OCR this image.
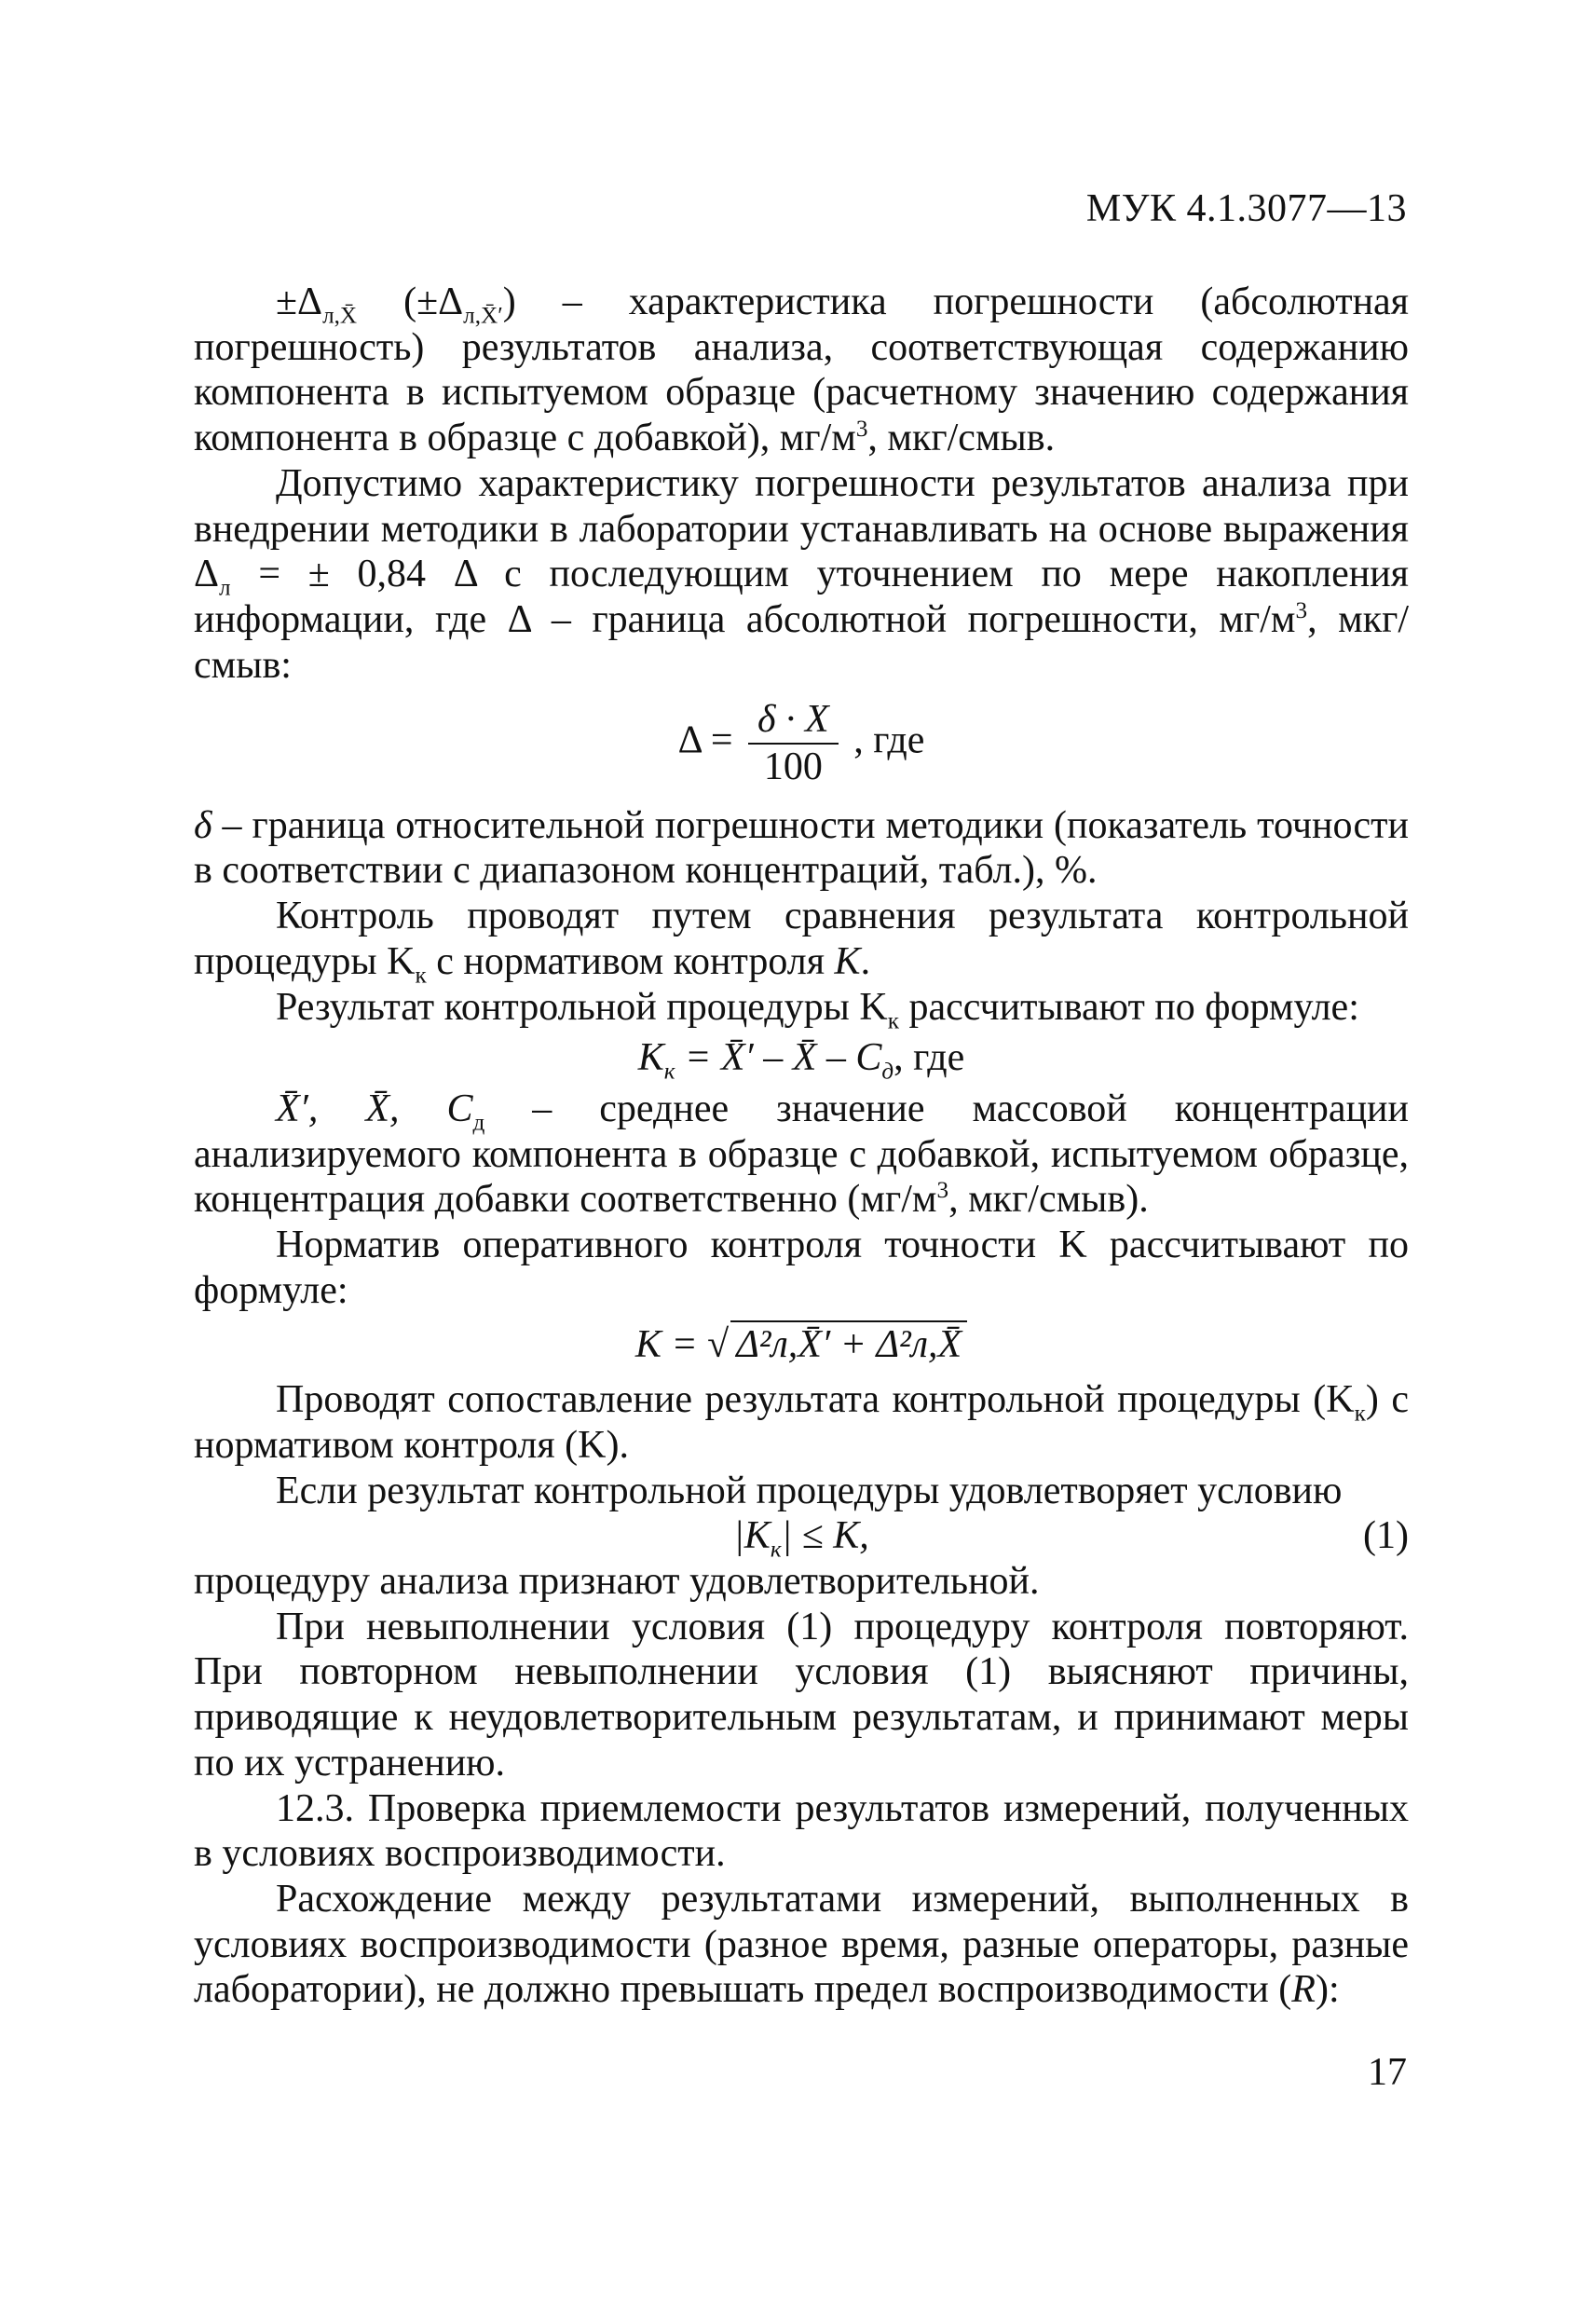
МУК 4.1.3077—13

$\pm\Delta_{л,X̄}$ $(\pm\Delta_{л,X̄'})$ – характеристика погрешности (абсолютная погрешность) результатов анализа, соответствующая содержанию компонента в испытуемом образце (расчетному значению содержания компонента в образце с добавкой), $мг/м^3$, мкг/смыв.

Допустимо характеристику погрешности результатов анализа при внедрении методики в лаборатории устанавливать на основе выражения $\Delta_л$ = ± 0,84 Δ с последующим уточнением по мере накопления информации, где Δ – граница абсолютной погрешности, $мг/м^3$, мкг/смыв:

$\Delta = \frac{\delta \cdot X}{100}$ , где

δ – граница относительной погрешности методики (показатель точности в соответствии с диапазоном концентраций, табл.), %.

Контроль проводят путем сравнения результата контрольной процедуры $K_к$ с нормативом контроля K.

Результат контрольной процедуры $K_к$ рассчитывают по формуле:

$K_к$ = X̄′ – X̄ – $C_д$, где

X̄′, X̄, $C_д$ – среднее значение массовой концентрации анализируемого компонента в образце с добавкой, испытуемом образце, концентрация добавки соответственно ($мг/м^3$, мкг/смыв).

Норматив оперативного контроля точности K рассчитывают по формуле:

K = √ Δ²л,X̄′ + Δ²л,X̄

Проводят сопоставление результата контрольной процедуры $(K_к)$ с нормативом контроля (K).

Если результат контрольной процедуры удовлетворяет условию

$|K_к| \le K$,	(1)

процедуру анализа признают удовлетворительной.

При невыполнении условия (1) процедуру контроля повторяют. При повторном невыполнении условия (1) выясняют причины, приводящие к неудовлетворительным результатам, и принимают меры по их устранению.

12.3. Проверка приемлемости результатов измерений, полученных в условиях воспроизводимости.

Расхождение между результатами измерений, выполненных в условиях воспроизводимости (разное время, разные операторы, разные лаборатории), не должно превышать предел воспроизводимости (R):

17
